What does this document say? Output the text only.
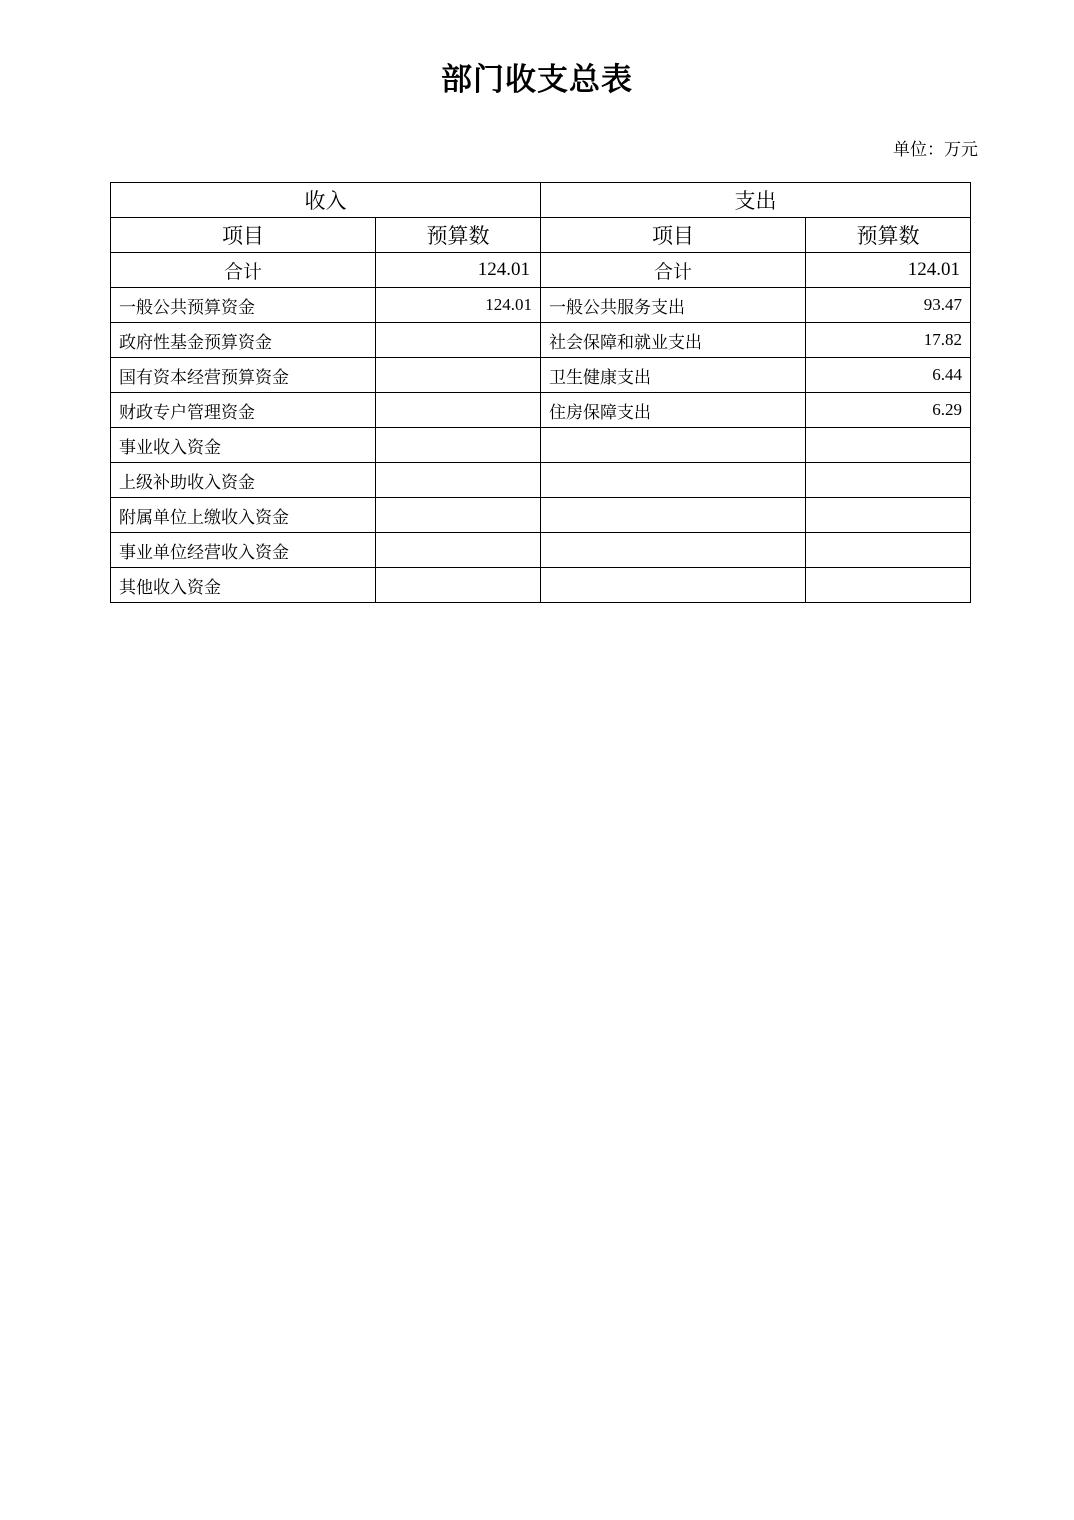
部门收支总表

单位：万元

收入		支出	
项目	预算数	项目	预算数
合计	124.01	合计	124.01
一般公共预算资金	124.01	一般公共服务支出	93.47
政府性基金预算资金		社会保障和就业支出	17.82
国有资本经营预算资金		卫生健康支出	6.44
财政专户管理资金		住房保障支出	6.29
事业收入资金			
上级补助收入资金			
附属单位上缴收入资金			
事业单位经营收入资金			
其他收入资金			
